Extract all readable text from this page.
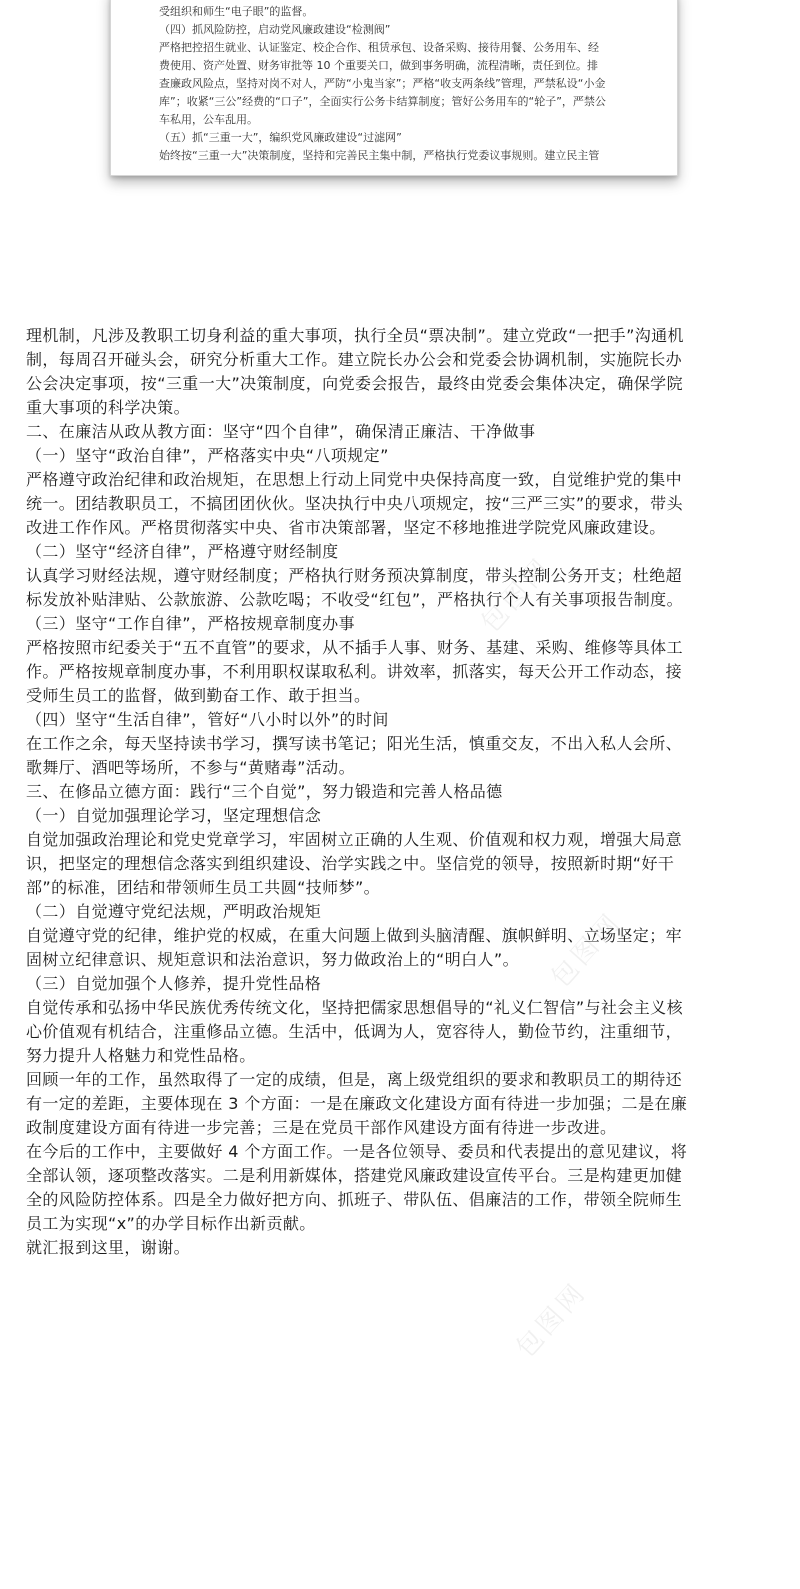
受组织和师生“电子眼”的监督。

（四）抓风险防控，启动党风廉政建设“检测阀”

严格把控招生就业、认证鉴定、校企合作、租赁承包、设备采购、接待用餐、公务用车、经

费使用、资产处置、财务审批等 10 个重要关口，做到事务明确，流程清晰，责任到位。排

查廉政风险点，坚持对岗不对人，严防“小鬼当家”；严格“收支两条线”管理，严禁私设“小金

库”；收紧“三公”经费的“口子”，全面实行公务卡结算制度；管好公务用车的“轮子”，严禁公

车私用，公车乱用。

（五）抓“三重一大”，编织党风廉政建设“过滤网”

始终按“三重一大”决策制度，坚持和完善民主集中制，严格执行党委议事规则。建立民主管

理机制，凡涉及教职工切身利益的重大事项，执行全员“票决制”。建立党政“一把手”沟通机

制，每周召开碰头会，研究分析重大工作。建立院长办公会和党委会协调机制，实施院长办

公会决定事项，按“三重一大”决策制度，向党委会报告，最终由党委会集体决定，确保学院

重大事项的科学决策。

二、在廉洁从政从教方面：坚守“四个自律”，确保清正廉洁、干净做事

（一）坚守“政治自律”，严格落实中央“八项规定”

严格遵守政治纪律和政治规矩，在思想上行动上同党中央保持高度一致，自觉维护党的集中

统一。团结教职员工，不搞团团伙伙。坚决执行中央八项规定，按“三严三实”的要求，带头

改进工作作风。严格贯彻落实中央、省市决策部署，坚定不移地推进学院党风廉政建设。

（二）坚守“经济自律”，严格遵守财经制度

认真学习财经法规，遵守财经制度；严格执行财务预决算制度，带头控制公务开支；杜绝超

标发放补贴津贴、公款旅游、公款吃喝；不收受“红包”，严格执行个人有关事项报告制度。

（三）坚守“工作自律”，严格按规章制度办事

严格按照市纪委关于“五不直管”的要求，从不插手人事、财务、基建、采购、维修等具体工

作。严格按规章制度办事，不利用职权谋取私利。讲效率，抓落实，每天公开工作动态，接

受师生员工的监督，做到勤奋工作、敢于担当。

（四）坚守“生活自律”，管好“八小时以外”的时间

在工作之余，每天坚持读书学习，撰写读书笔记；阳光生活，慎重交友，不出入私人会所、

歌舞厅、酒吧等场所，不参与“黄赌毒”活动。

三、在修品立德方面：践行“三个自觉”，努力锻造和完善人格品德

（一）自觉加强理论学习，坚定理想信念

自觉加强政治理论和党史党章学习，牢固树立正确的人生观、价值观和权力观，增强大局意

识，把坚定的理想信念落实到组织建设、治学实践之中。坚信党的领导，按照新时期“好干

部”的标准，团结和带领师生员工共圆“技师梦”。

（二）自觉遵守党纪法规，严明政治规矩

自觉遵守党的纪律，维护党的权威，在重大问题上做到头脑清醒、旗帜鲜明、立场坚定；牢

固树立纪律意识、规矩意识和法治意识，努力做政治上的“明白人”。

（三）自觉加强个人修养，提升党性品格

自觉传承和弘扬中华民族优秀传统文化，坚持把儒家思想倡导的“礼义仁智信”与社会主义核

心价值观有机结合，注重修品立德。生活中，低调为人，宽容待人，勤俭节约，注重细节，

努力提升人格魅力和党性品格。

回顾一年的工作，虽然取得了一定的成绩，但是，离上级党组织的要求和教职员工的期待还

有一定的差距，主要体现在 3 个方面：一是在廉政文化建设方面有待进一步加强；二是在廉

政制度建设方面有待进一步完善；三是在党员干部作风建设方面有待进一步改进。

在今后的工作中，主要做好 4 个方面工作。一是各位领导、委员和代表提出的意见建议，将

全部认领，逐项整改落实。二是利用新媒体，搭建党风廉政建设宣传平台。三是构建更加健

全的风险防控体系。四是全力做好把方向、抓班子、带队伍、倡廉洁的工作，带领全院师生

员工为实现“x”的办学目标作出新贡献。

就汇报到这里，谢谢。

包图网
包图网
包图网
